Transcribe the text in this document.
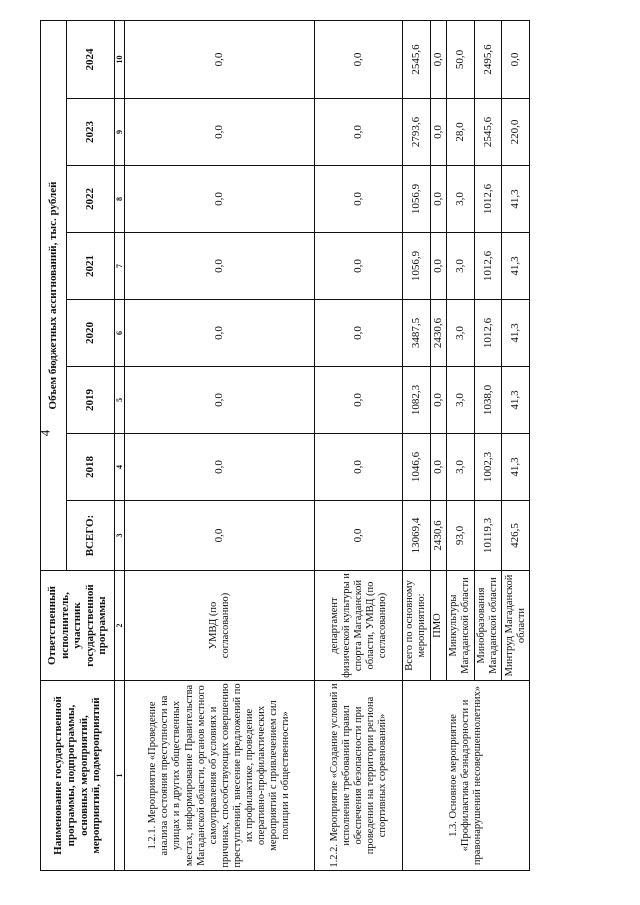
4
Наименование государственной программы, подпрограммы, основных мероприятий, мероприятий, подмероприятий	Ответственный исполнитель, участник государственной программы	Объем бюджетных ассигнований, тыс. рублей							
		ВСЕГО:	2018	2019	2020	2021	2022	2023	2024
1	2	3	4	5	6	7	8	9	10
1.2.1. Мероприятие «Проведение анализа состояния преступности на улицах и в других общественных местах, информирование Правительства Магаданской области, органов местного самоуправления об условиях и причинах, способствующих совершению преступлений, внесение предложений по их профилактике, проведение оперативно-профилактических мероприятий с привлечением сил полиции и общественности»	УМВД (по согласованию)	0,0	0,0	0,0	0,0	0,0	0,0	0,0	0,0
1.2.2. Мероприятие «Создание условий и исполнение требований правил обеспечения безопасности при проведении на территории региона спортивных соревнований»	департамент физической культуры и спорта Магаданской области, УМВД (по согласованию)	0,0	0,0	0,0	0,0	0,0	0,0	0,0	0,0
1.3. Основное мероприятие «Профилактика безнадзорности и правонарушений несовершеннолетних»	Всего по основному мероприятию:	13069,4	1046,6	1082,3	3487,5	1056,9	1056,9	2793,6	2545,6
	ПМО	2430,6	0,0	0,0	2430,6	0,0	0,0	0,0	0,0
	Минкультуры Магаданской области	93,0	3,0	3,0	3,0	3,0	3,0	28,0	50,0
	Минобразования Магаданской области	10119,3	1002,3	1038,0	1012,6	1012,6	1012,6	2545,6	2495,6
	Минтруд Магаданской области	426,5	41,3	41,3	41,3	41,3	41,3	220,0	0,0
